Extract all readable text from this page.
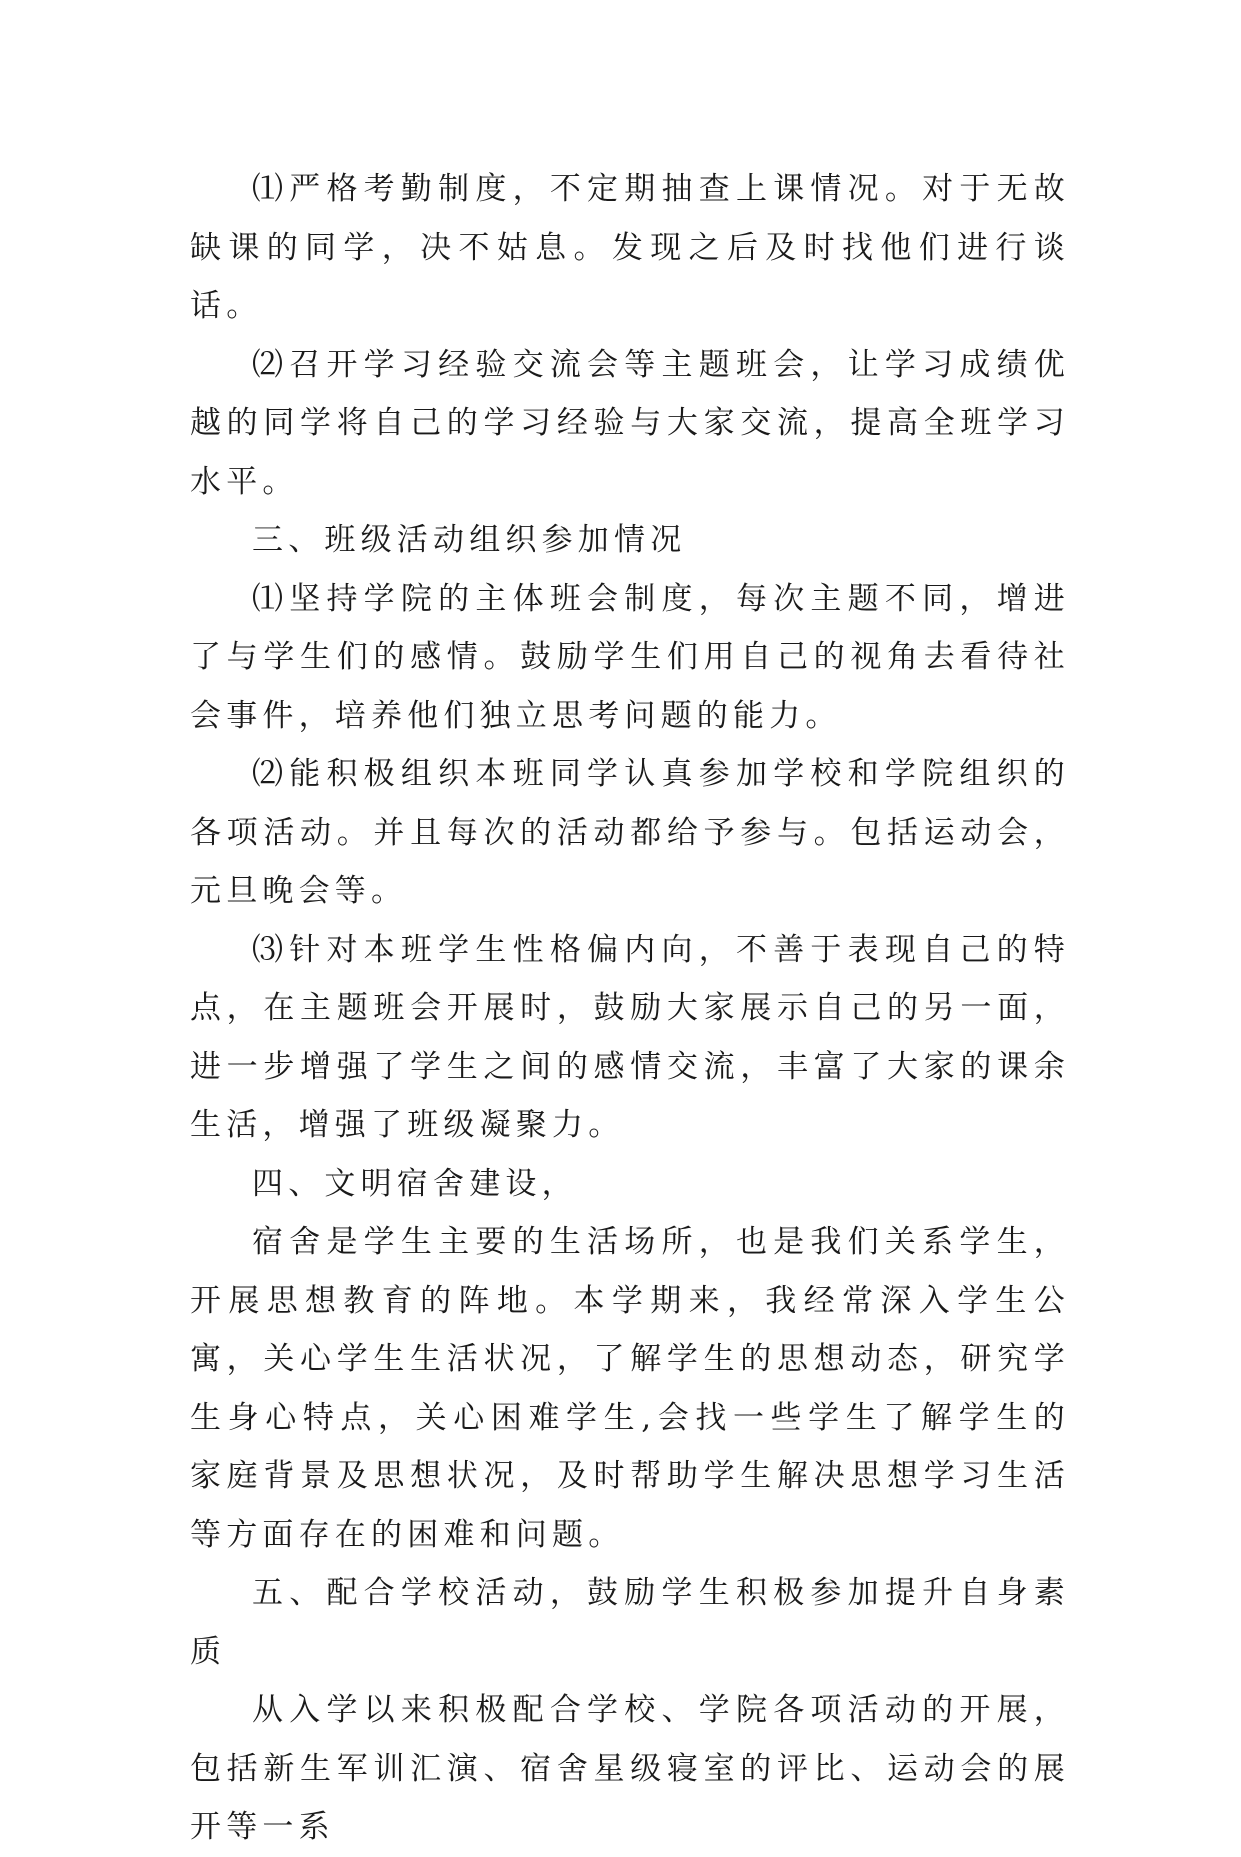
⑴严格考勤制度，不定期抽查上课情况。对于无故缺课的同学，决不姑息。发现之后及时找他们进行谈话。

⑵召开学习经验交流会等主题班会，让学习成绩优越的同学将自己的学习经验与大家交流，提高全班学习水平。

三、班级活动组织参加情况

⑴坚持学院的主体班会制度，每次主题不同，增进了与学生们的感情。鼓励学生们用自己的视角去看待社会事件，培养他们独立思考问题的能力。

⑵能积极组织本班同学认真参加学校和学院组织的各项活动。并且每次的活动都给予参与。包括运动会，元旦晚会等。

⑶针对本班学生性格偏内向，不善于表现自己的特点，在主题班会开展时，鼓励大家展示自己的另一面，进一步增强了学生之间的感情交流，丰富了大家的课余生活，增强了班级凝聚力。

四、文明宿舍建设，

宿舍是学生主要的生活场所，也是我们关系学生，开展思想教育的阵地。本学期来，我经常深入学生公寓，关心学生生活状况，了解学生的思想动态，研究学生身心特点，关心困难学生,会找一些学生了解学生的家庭背景及思想状况，及时帮助学生解决思想学习生活等方面存在的困难和问题。

五、配合学校活动，鼓励学生积极参加提升自身素质

从入学以来积极配合学校、学院各项活动的开展，包括新生军训汇演、宿舍星级寝室的评比、运动会的展开等一系
